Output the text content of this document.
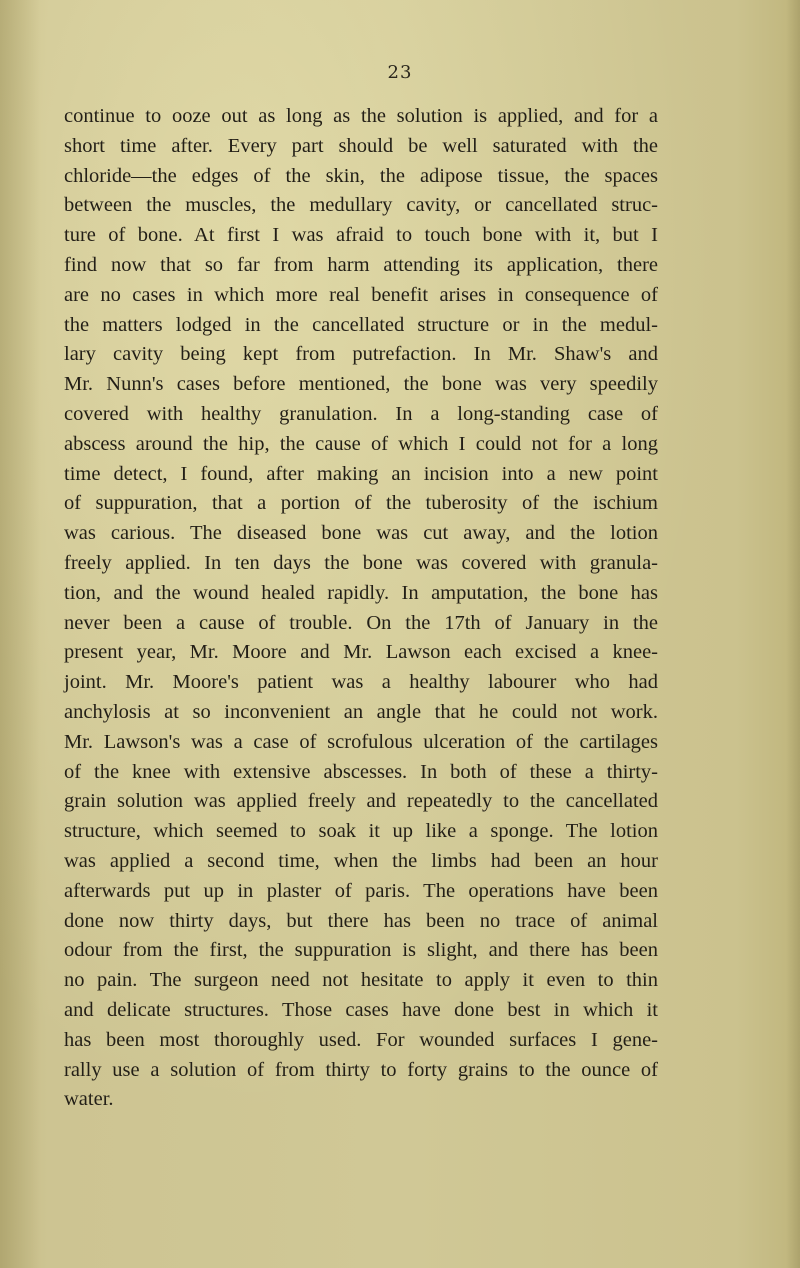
23
continue to ooze out as long as the solution is applied, and for a
short time after. Every part should be well saturated with the
chloride—the edges of the skin, the adipose tissue, the spaces
between the muscles, the medullary cavity, or cancellated struc-
ture of bone. At first I was afraid to touch bone with it, but I
find now that so far from harm attending its application, there
are no cases in which more real benefit arises in consequence of
the matters lodged in the cancellated structure or in the medul-
lary cavity being kept from putrefaction. In Mr. Shaw's and
Mr. Nunn's cases before mentioned, the bone was very speedily
covered with healthy granulation. In a long-standing case of
abscess around the hip, the cause of which I could not for a long
time detect, I found, after making an incision into a new point
of suppuration, that a portion of the tuberosity of the ischium
was carious. The diseased bone was cut away, and the lotion
freely applied. In ten days the bone was covered with granula-
tion, and the wound healed rapidly. In amputation, the bone has
never been a cause of trouble. On the 17th of January in the
present year, Mr. Moore and Mr. Lawson each excised a knee-
joint. Mr. Moore's patient was a healthy labourer who had
anchylosis at so inconvenient an angle that he could not work.
Mr. Lawson's was a case of scrofulous ulceration of the cartilages
of the knee with extensive abscesses. In both of these a thirty-
grain solution was applied freely and repeatedly to the cancellated
structure, which seemed to soak it up like a sponge. The lotion
was applied a second time, when the limbs had been an hour
afterwards put up in plaster of paris. The operations have been
done now thirty days, but there has been no trace of animal
odour from the first, the suppuration is slight, and there has been
no pain. The surgeon need not hesitate to apply it even to thin
and delicate structures. Those cases have done best in which it
has been most thoroughly used. For wounded surfaces I gene-
rally use a solution of from thirty to forty grains to the ounce of
water.
